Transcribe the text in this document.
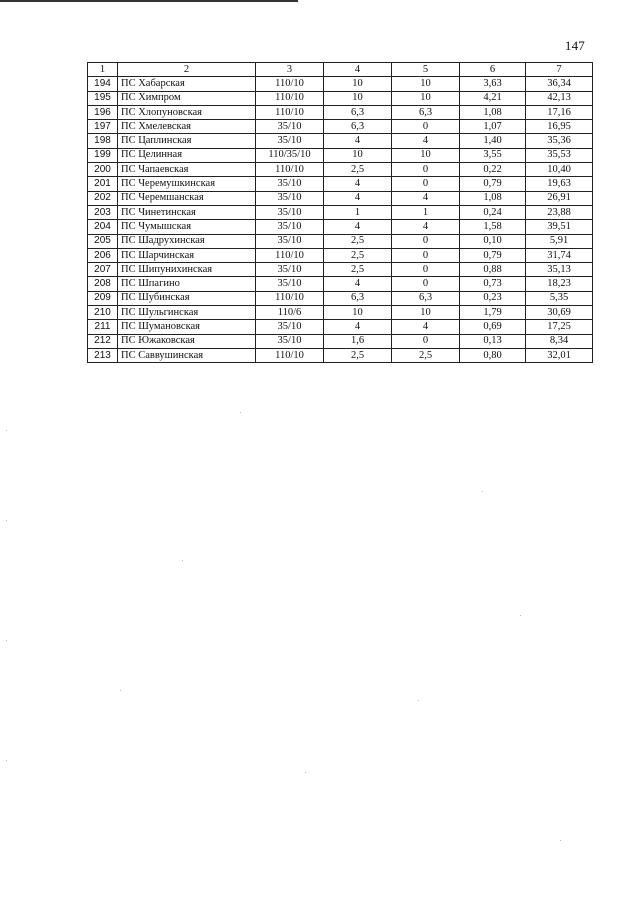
147
1	2	3	4	5	6	7
194	ПС Хабарская	110/10	10	10	3,63	36,34
195	ПС Химпром	110/10	10	10	4,21	42,13
196	ПС Хлопуновская	110/10	6,3	6,3	1,08	17,16
197	ПС Хмелевская	35/10	6,3	0	1,07	16,95
198	ПС Цаплинская	35/10	4	4	1,40	35,36
199	ПС Целинная	110/35/10	10	10	3,55	35,53
200	ПС Чапаевская	110/10	2,5	0	0,22	10,40
201	ПС Черемушкинская	35/10	4	0	0,79	19,63
202	ПС Черемшанская	35/10	4	4	1,08	26,91
203	ПС Чинетинская	35/10	1	1	0,24	23,88
204	ПС Чумышская	35/10	4	4	1,58	39,51
205	ПС Шадрухинская	35/10	2,5	0	0,10	5,91
206	ПС Шарчинская	110/10	2,5	0	0,79	31,74
207	ПС Шипунихинская	35/10	2,5	0	0,88	35,13
208	ПС Шпагино	35/10	4	0	0,73	18,23
209	ПС Шубинская	110/10	6,3	6,3	0,23	5,35
210	ПС Шульгинская	110/6	10	10	1,79	30,69
211	ПС Шумановская	35/10	4	4	0,69	17,25
212	ПС Южаковская	35/10	1,6	0	0,13	8,34
213	ПС Саввушинская	110/10	2,5	2,5	0,80	32,01
